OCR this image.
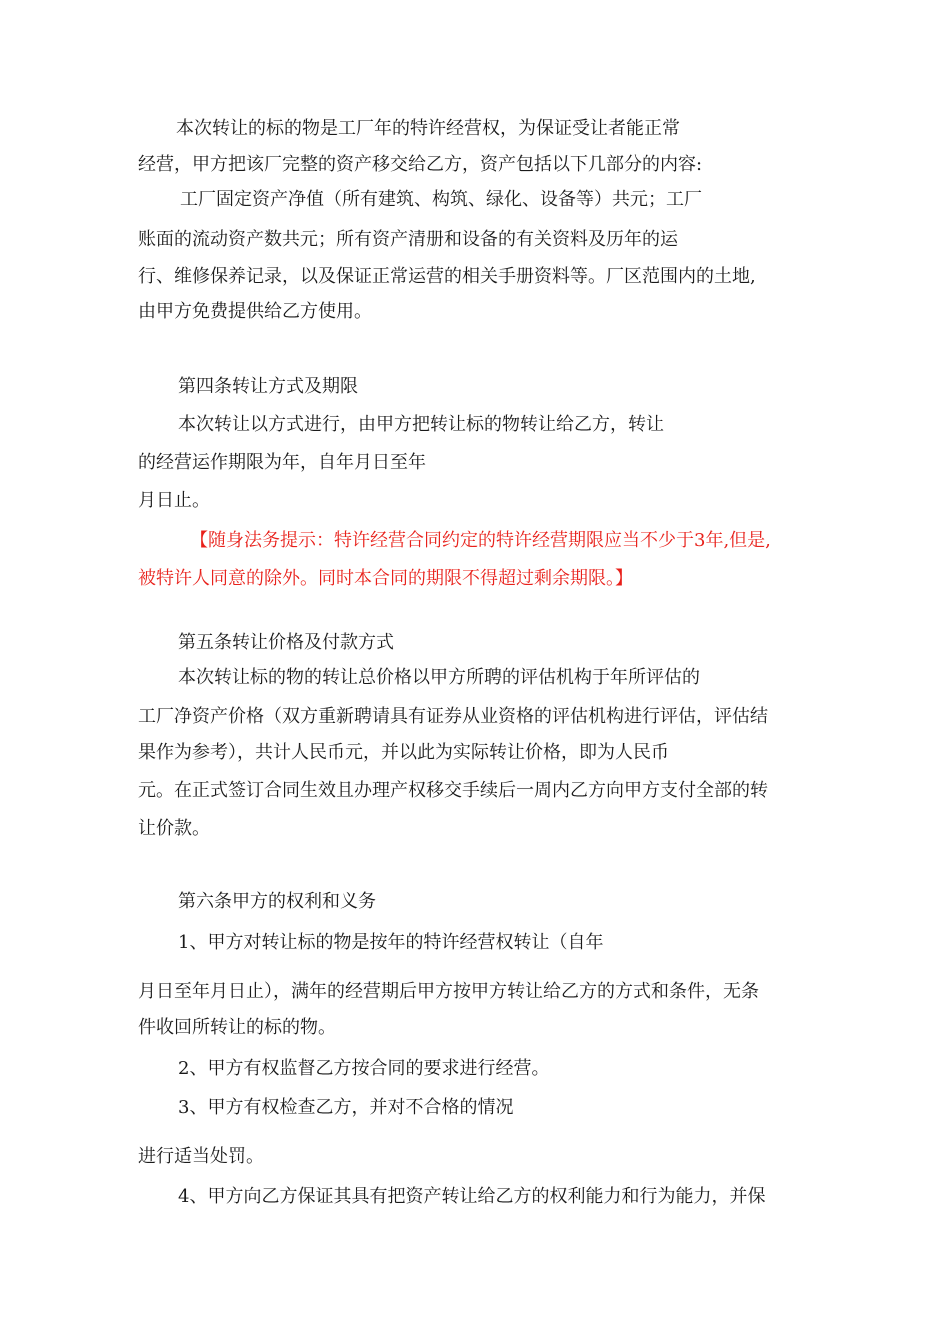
本次转让的标的物是工厂年的特许经营权，为保证受让者能正常

经营，甲方把该厂完整的资产移交给乙方，资产包括以下几部分的内容:

工厂固定资产净值（所有建筑、构筑、绿化、设备等）共元；工厂

账面的流动资产数共元；所有资产清册和设备的有关资料及历年的运

行、维修保养记录，以及保证正常运营的相关手册资料等。厂区范围内的土地,

由甲方免费提供给乙方使用。

第四条转让方式及期限

本次转让以方式进行，由甲方把转让标的物转让给乙方，转让

的经营运作期限为年，自年月日至年

月日止。

【随身法务提示：特许经营合同约定的特许经营期限应当不少于3年,但是,

被特许人同意的除外。同时本合同的期限不得超过剩余期限。】

第五条转让价格及付款方式

本次转让标的物的转让总价格以甲方所聘的评估机构于年所评估的

工厂净资产价格（双方重新聘请具有证券从业资格的评估机构进行评估，评估结

果作为参考），共计人民币元，并以此为实际转让价格，即为人民币

元。在正式签订合同生效且办理产权移交手续后一周内乙方向甲方支付全部的转

让价款。

第六条甲方的权利和义务

1、甲方对转让标的物是按年的特许经营权转让（自年

月日至年月日止），满年的经营期后甲方按甲方转让给乙方的方式和条件，无条

件收回所转让的标的物。

2、甲方有权监督乙方按合同的要求进行经营。

3、甲方有权检查乙方，并对不合格的情况

进行适当处罚。

4、甲方向乙方保证其具有把资产转让给乙方的权利能力和行为能力，并保
